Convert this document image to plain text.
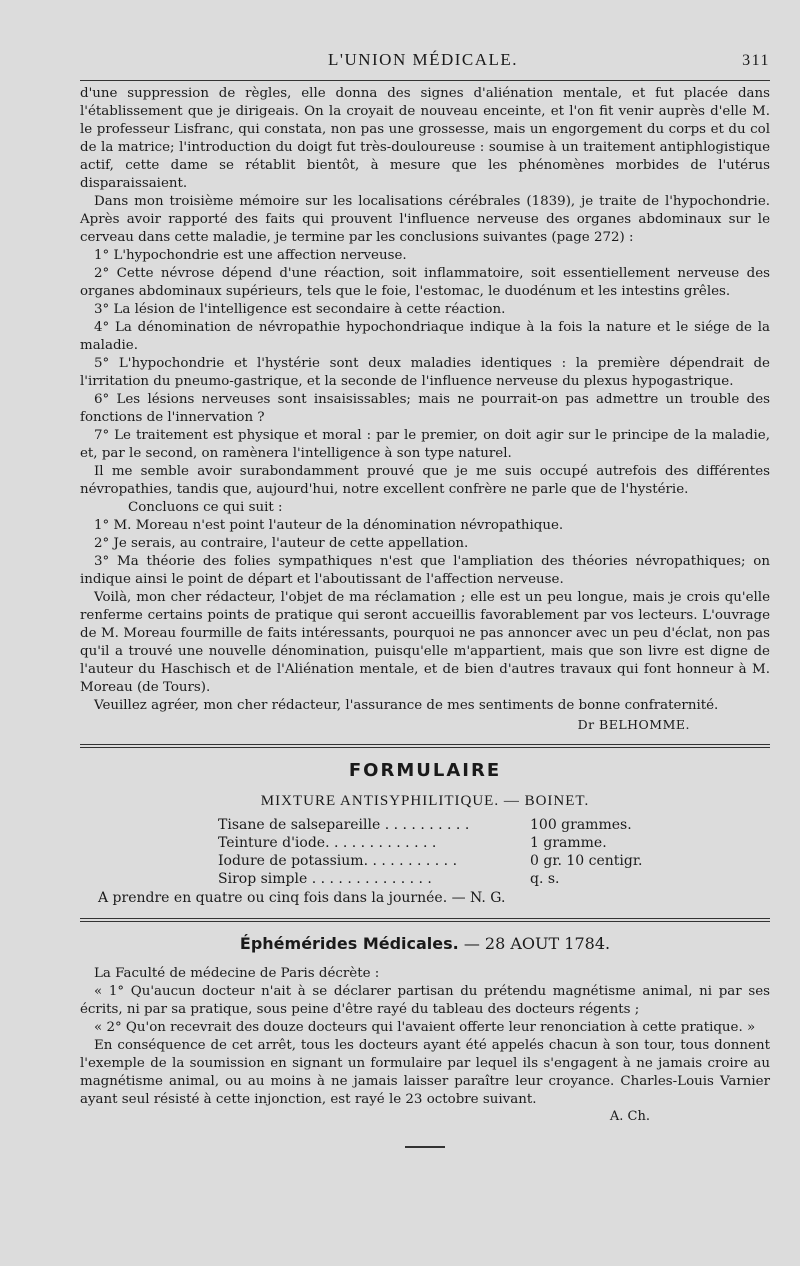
L'UNION MÉDICALE.	311

d'une suppression de règles, elle donna des signes d'aliénation mentale, et fut placée dans l'établissement que je dirigeais. On la croyait de nouveau enceinte, et l'on fit venir auprès d'elle M. le professeur Lisfranc, qui constata, non pas une grossesse, mais un engorgement du corps et du col de la matrice; l'introduction du doigt fut très-douloureuse : soumise à un traitement antiphlogistique actif, cette dame se rétablit bientôt, à mesure que les phénomènes morbides de l'utérus disparaissaient.

Dans mon troisième mémoire sur les localisations cérébrales (1839), je traite de l'hypochondrie. Après avoir rapporté des faits qui prouvent l'influence nerveuse des organes abdominaux sur le cerveau dans cette maladie, je termine par les conclusions suivantes (page 272) :

1° L'hypochondrie est une affection nerveuse.

2° Cette névrose dépend d'une réaction, soit inflammatoire, soit essentiellement nerveuse des organes abdominaux supérieurs, tels que le foie, l'estomac, le duodénum et les intestins grêles.

3° La lésion de l'intelligence est secondaire à cette réaction.

4° La dénomination de névropathie hypochondriaque indique à la fois la nature et le siége de la maladie.

5° L'hypochondrie et l'hystérie sont deux maladies identiques : la première dépendrait de l'irritation du pneumo-gastrique, et la seconde de l'influence nerveuse du plexus hypogastrique.

6° Les lésions nerveuses sont insaisissables; mais ne pourrait-on pas admettre un trouble des fonctions de l'innervation ?

7° Le traitement est physique et moral : par le premier, on doit agir sur le principe de la maladie, et, par le second, on ramènera l'intelligence à son type naturel.

Il me semble avoir surabondamment prouvé que je me suis occupé autrefois des différentes névropathies, tandis que, aujourd'hui, notre excellent confrère ne parle que de l'hystérie.

Concluons ce qui suit :

1° M. Moreau n'est point l'auteur de la dénomination névropathique.

2° Je serais, au contraire, l'auteur de cette appellation.

3° Ma théorie des folies sympathiques n'est que l'ampliation des théories névropathiques; on indique ainsi le point de départ et l'aboutissant de l'affection nerveuse.

Voilà, mon cher rédacteur, l'objet de ma réclamation ; elle est un peu longue, mais je crois qu'elle renferme certains points de pratique qui seront accueillis favorablement par vos lecteurs. L'ouvrage de M. Moreau fourmille de faits intéressants, pourquoi ne pas annoncer avec un peu d'éclat, non pas qu'il a trouvé une nouvelle dénomination, puisqu'elle m'appartient, mais que son livre est digne de l'auteur du Haschisch et de l'Aliénation mentale, et de bien d'autres travaux qui font honneur à M. Moreau (de Tours).

Veuillez agréer, mon cher rédacteur, l'assurance de mes sentiments de bonne confraternité.

Dr BELHOMME.
FORMULAIRE
MIXTURE ANTISYPHILITIQUE. — BOINET.
Tisane de salsepareille . . . . . . . . . .	100 grammes.
Teinture d'iode. . . . . . . . . . . . .	1 gramme.
Iodure de potassium. . . . . . . . . . .	0 gr. 10 centigr.
Sirop simple . . . . . . . . . . . . . .	q. s.
A prendre en quatre ou cinq fois dans la journée. — N. G.
Éphémérides Médicales. — 28 AOUT 1784.

La Faculté de médecine de Paris décrète :

« 1° Qu'aucun docteur n'ait à se déclarer partisan du prétendu magnétisme animal, ni par ses écrits, ni par sa pratique, sous peine d'être rayé du tableau des docteurs régents ;

« 2° Qu'on recevrait des douze docteurs qui l'avaient offerte leur renonciation à cette pratique. »

En conséquence de cet arrêt, tous les docteurs ayant été appelés chacun à son tour, tous donnent l'exemple de la soumission en signant un formulaire par lequel ils s'engagent à ne jamais croire au magnétisme animal, ou au moins à ne jamais laisser paraître leur croyance. Charles-Louis Varnier ayant seul résisté à cette injonction, est rayé le 23 octobre suivant.

A. Ch.
